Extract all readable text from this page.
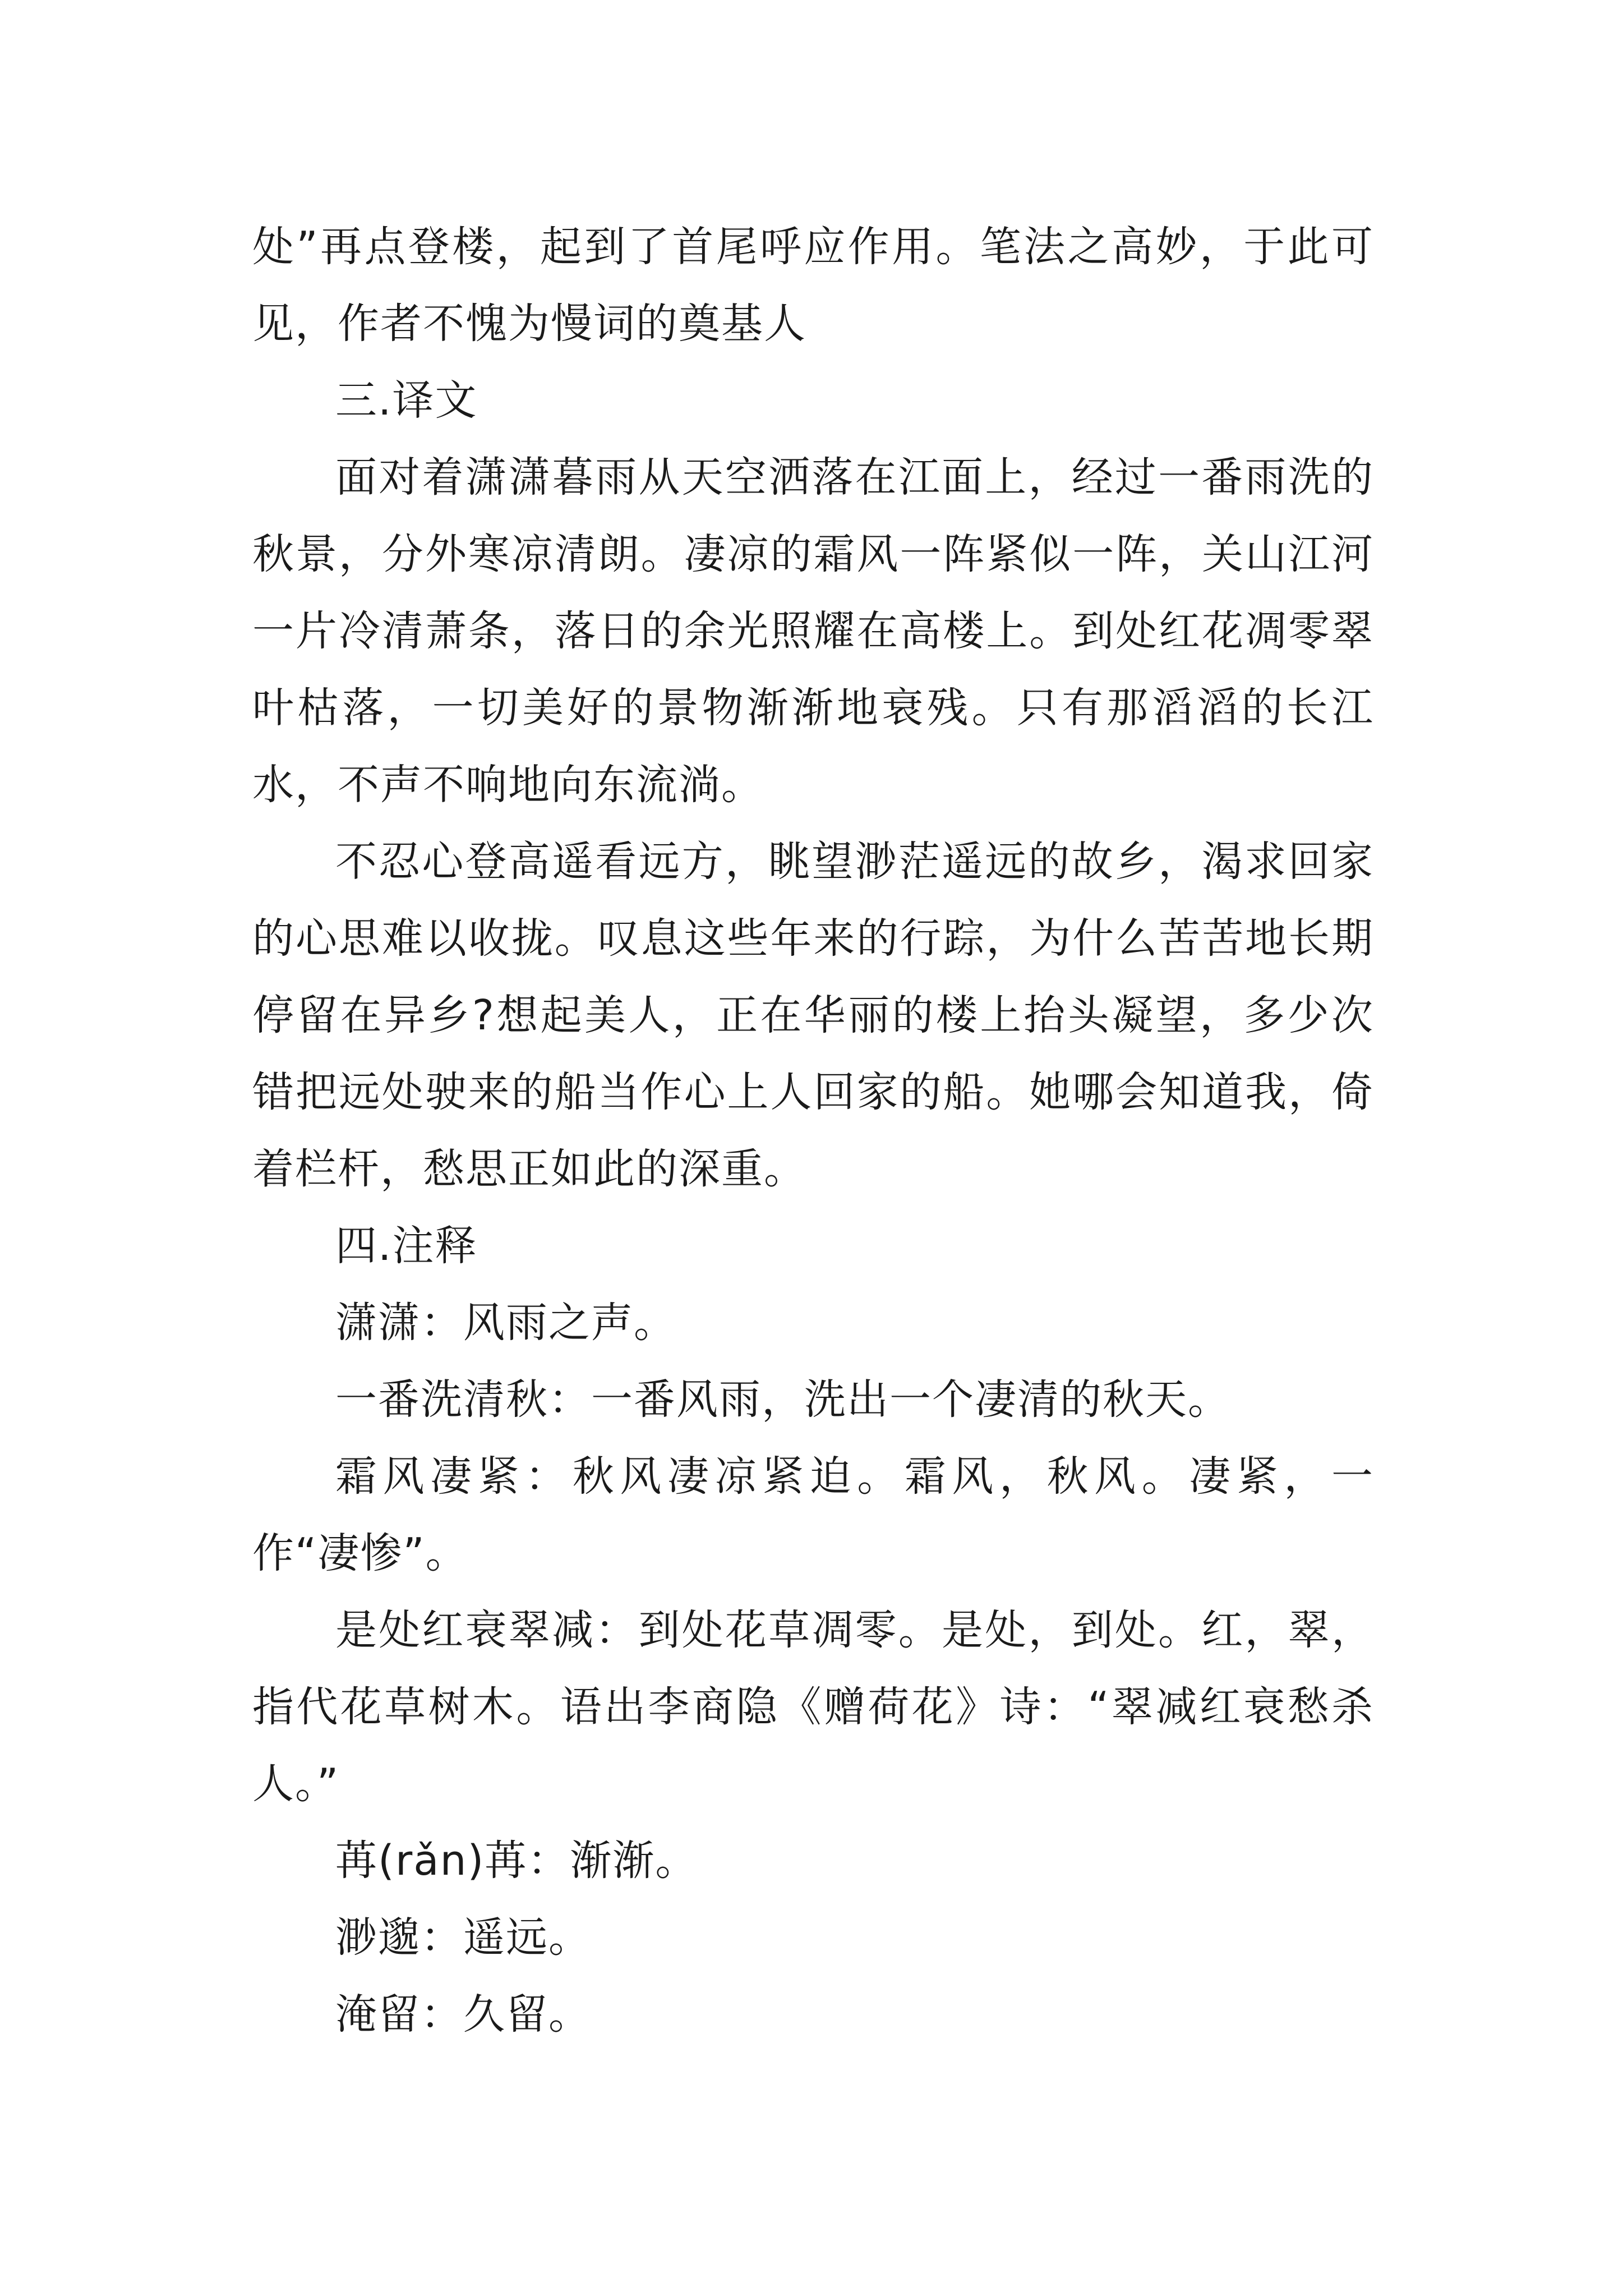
处”再点登楼，起到了首尾呼应作用。笔法之高妙，于此可见，作者不愧为慢词的奠基人

三.译文

面对着潇潇暮雨从天空洒落在江面上，经过一番雨洗的秋景，分外寒凉清朗。凄凉的霜风一阵紧似一阵，关山江河一片冷清萧条，落日的余光照耀在高楼上。到处红花凋零翠叶枯落，一切美好的景物渐渐地衰残。只有那滔滔的长江水，不声不响地向东流淌。

不忍心登高遥看远方，眺望渺茫遥远的故乡，渴求回家的心思难以收拢。叹息这些年来的行踪，为什么苦苦地长期停留在异乡?想起美人，正在华丽的楼上抬头凝望，多少次错把远处驶来的船当作心上人回家的船。她哪会知道我，倚着栏杆，愁思正如此的深重。

四.注释

潇潇：风雨之声。

一番洗清秋：一番风雨，洗出一个凄清的秋天。

霜风凄紧：秋风凄凉紧迫。霜风，秋风。凄紧，一作“凄惨”。

是处红衰翠减：到处花草凋零。是处，到处。红，翠，指代花草树木。语出李商隐《赠荷花》诗：“翠减红衰愁杀人。”

苒(rǎn)苒：渐渐。

渺邈：遥远。

淹留：久留。
